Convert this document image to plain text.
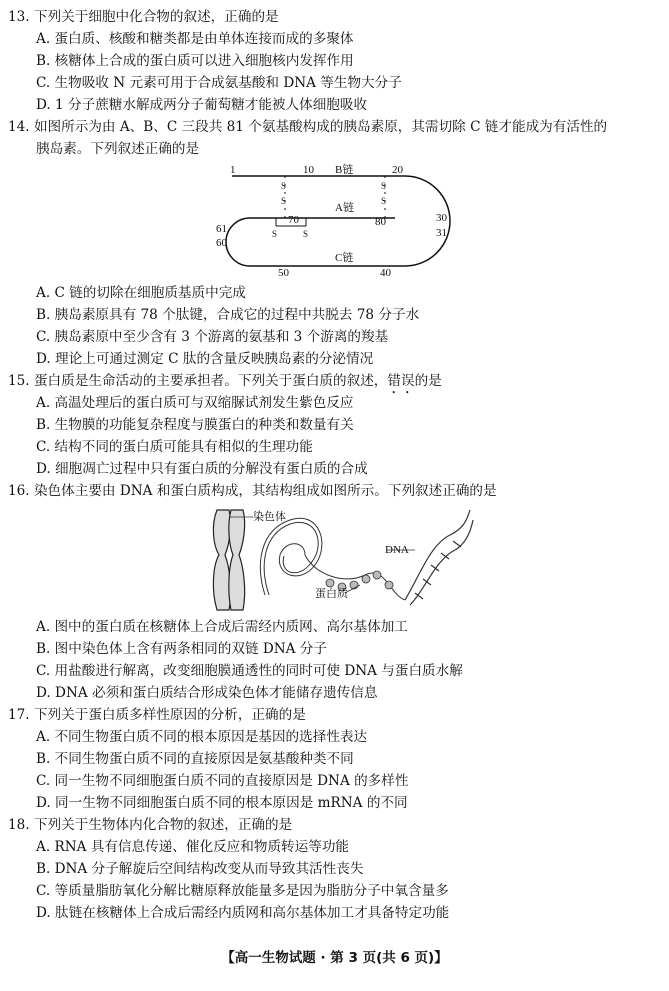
13. 下列关于细胞中化合物的叙述，正确的是
A. 蛋白质、核酸和糖类都是由单体连接而成的多聚体
B. 核糖体上合成的蛋白质可以进入细胞核内发挥作用
C. 生物吸收 N 元素可用于合成氨基酸和 DNA 等生物大分子
D. 1 分子蔗糖水解成两分子葡萄糖才能被人体细胞吸收
14. 如图所示为由 A、B、C 三段共 81 个氨基酸构成的胰岛素原，其需切除 C 链才能成为有活性的
胰岛素。下列叙述正确的是
1	10 B链	20
S
S
S
S
A链
70	80
S	S
30
31
61
60
50
C链
40
A. C 链的切除在细胞质基质中完成
B. 胰岛素原具有 78 个肽键，合成它的过程中共脱去 78 分子水
C. 胰岛素原中至少含有 3 个游离的氨基和 3 个游离的羧基
D. 理论上可通过测定 C 肽的含量反映胰岛素的分泌情况
15. 蛋白质是生命活动的主要承担者。下列关于蛋白质的叙述，错误的是
A. 高温处理后的蛋白质可与双缩脲试剂发生紫色反应
B. 生物膜的功能复杂程度与膜蛋白的种类和数量有关
C. 结构不同的蛋白质可能具有相似的生理功能
D. 细胞凋亡过程中只有蛋白质的分解没有蛋白质的合成
16. 染色体主要由 DNA 和蛋白质构成，其结构组成如图所示。下列叙述正确的是
染色体
DNA
蛋白质
A. 图中的蛋白质在核糖体上合成后需经内质网、高尔基体加工
B. 图中染色体上含有两条相同的双链 DNA 分子
C. 用盐酸进行解离，改变细胞膜通透性的同时可使 DNA 与蛋白质水解
D. DNA 必须和蛋白质结合形成染色体才能储存遗传信息
17. 下列关于蛋白质多样性原因的分析，正确的是
A. 不同生物蛋白质不同的根本原因是基因的选择性表达
B. 不同生物蛋白质不同的直接原因是氨基酸种类不同
C. 同一生物不同细胞蛋白质不同的直接原因是 DNA 的多样性
D. 同一生物不同细胞蛋白质不同的根本原因是 mRNA 的不同
18. 下列关于生物体内化合物的叙述，正确的是
A. RNA 具有信息传递、催化反应和物质转运等功能
B. DNA 分子解旋后空间结构改变从而导致其活性丧失
C. 等质量脂肪氧化分解比糖原释放能量多是因为脂肪分子中氧含量多
D. 肽链在核糖体上合成后需经内质网和高尔基体加工才具备特定功能
【高一生物试题 · 第 3 页(共 6 页)】
